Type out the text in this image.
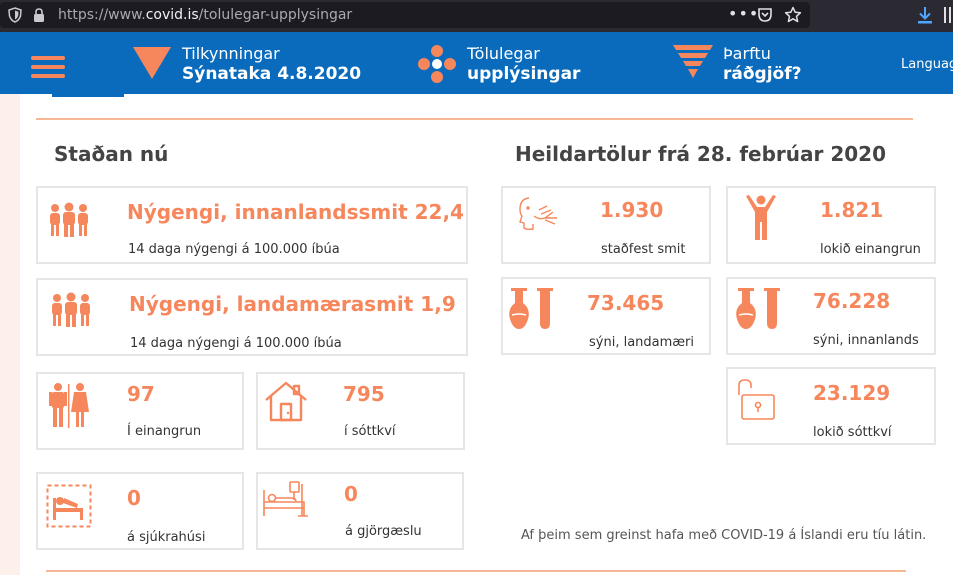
https://www.covid.is/tolulegar-upplysingar	•••
Tilkynningar
Sýnataka 4.8.2020
Tölulegar
upplýsingar
Þarftu
ráðgjöf?	Language
Staðan nú	Heildartölur frá 28. febrúar 2020
Nýgengi, innanlandssmit 22,4
14 daga nýgengi á 100.000 íbúa
Nýgengi, landamærasmit 1,9
14 daga nýgengi á 100.000 íbúa
97
Í einangrun
795
í sóttkví
0
á sjúkrahúsi
0
á gjörgæslu
1.930
staðfest smit
1.821
lokið einangrun
73.465
sýni, landamæri
76.228
sýni, innanlands
23.129
lokið sóttkví
Af þeim sem greinst hafa með COVID-19 á Íslandi eru tíu látin.
